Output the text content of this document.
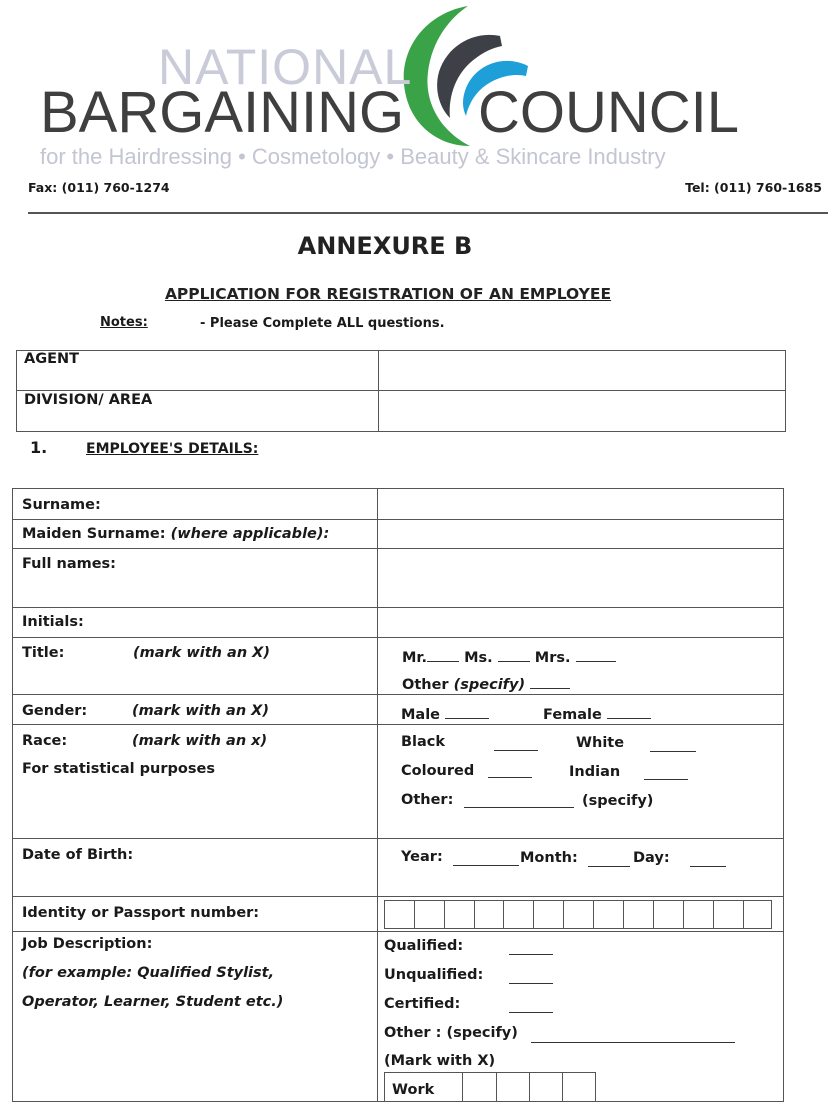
NATIONAL
BARGAINING COUNCIL
for the Hairdressing • Cosmetology • Beauty & Skincare Industry
Fax: (011) 760-1274	Tel: (011) 760-1685
ANNEXURE B
APPLICATION FOR REGISTRATION OF AN EMPLOYEE
Notes:	- Please Complete ALL questions.
AGENT
DIVISION/ AREA
1.	EMPLOYEE'S DETAILS:
Surname:
Maiden Surname: (where applicable):
Full names:
Initials:
Title:	(mark with an X)	Mr.	Ms.	Mrs.
Other (specify)
Gender:	(mark with an X)	Male	Female
Race:	(mark with an x)
For statistical purposes
Black	White
Coloured	Indian
Other:	(specify)
Date of Birth:	Year:	Month:	Day:
Identity or Passport number:
Job Description:
(for example: Qualified Stylist,
Operator, Learner, Student etc.)
Qualified:
Unqualified:
Certified:
Other : (specify)
(Mark with X)
Work
